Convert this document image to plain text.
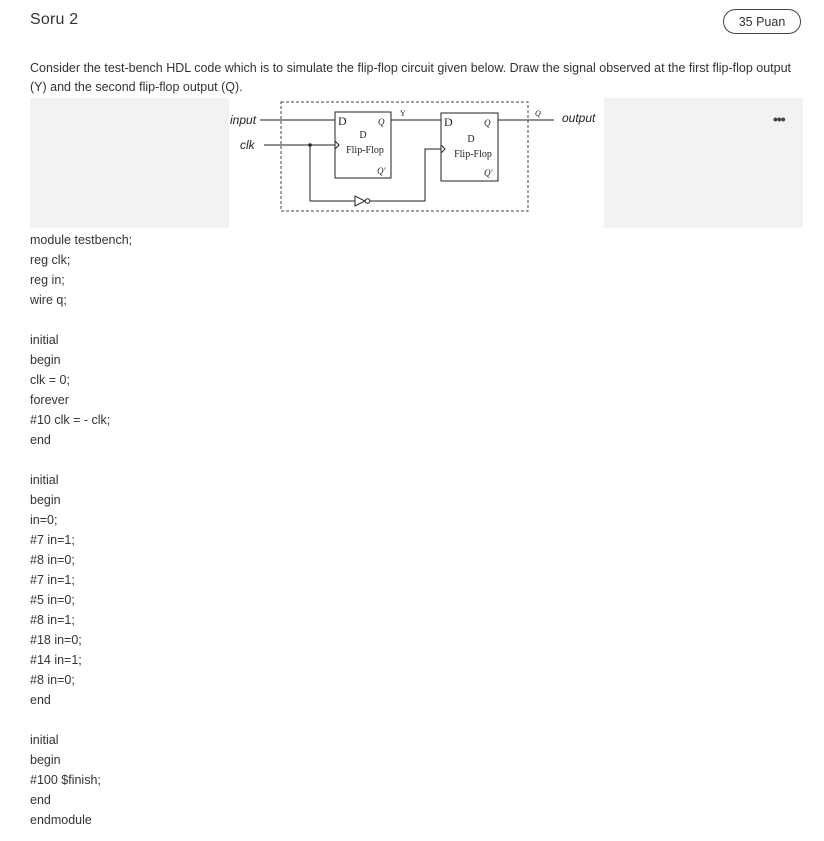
Soru 2	35 Puan
Consider the test-bench HDL code which is to simulate the flip-flop circuit given below. Draw the signal observed at the first flip-flop output (Y) and the second flip-flop output (Q).
input
clk
D	Q
D
Flip-Flop
Q'
Y
D	Q
D
Flip-Flop
Q'
Q output	•••
module testbench;
reg clk;
reg in;
wire q;
initial
begin
clk = 0;
forever
#10 clk = - clk;
end
initial
begin
in=0;
#7 in=1;
#8 in=0;
#7 in=1;
#5 in=0;
#8 in=1;
#18 in=0;
#14 in=1;
#8 in=0;
end
initial
begin
#100 $finish;
end
endmodule
